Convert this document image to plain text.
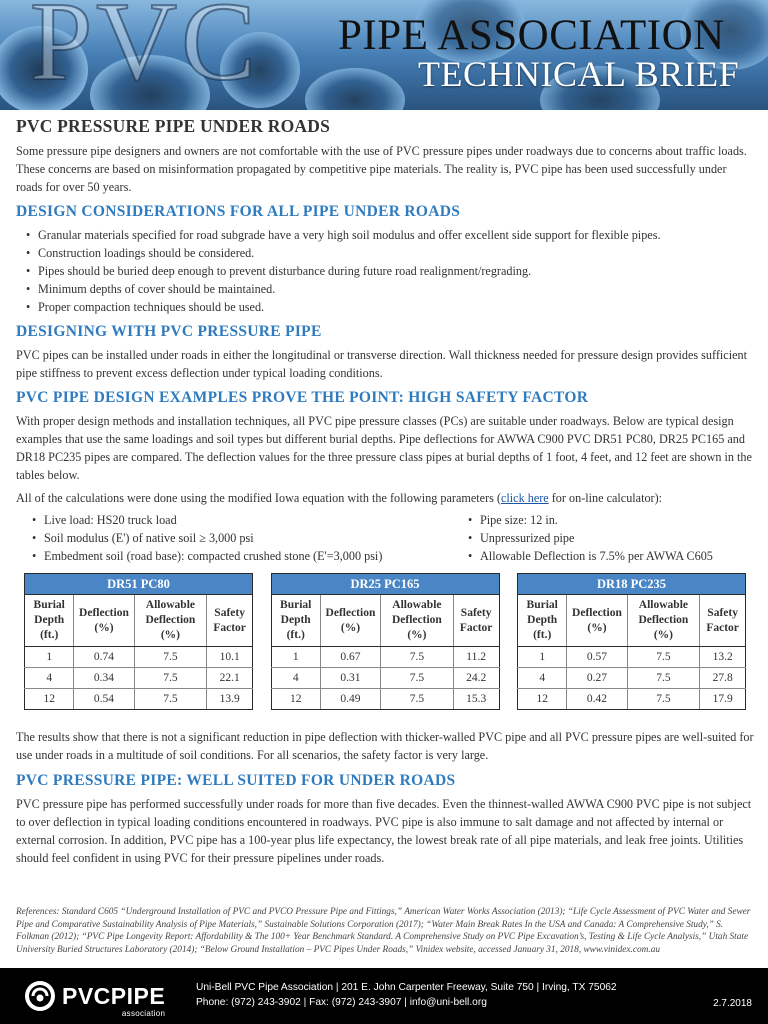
PVC PIPE ASSOCIATION
TECHNICAL BRIEF
PVC PRESSURE PIPE UNDER ROADS

Some pressure pipe designers and owners are not comfortable with the use of PVC pressure pipes under roadways due to concerns about traffic loads. These concerns are based on misinformation propagated by competitive pipe materials. The reality is, PVC pipe has been used successfully under roads for over 50 years.

DESIGN CONSIDERATIONS FOR ALL PIPE UNDER ROADS
• Granular materials specified for road subgrade have a very high soil modulus and offer excellent side support for flexible pipes.
• Construction loadings should be considered.
• Pipes should be buried deep enough to prevent disturbance during future road realignment/regrading.
• Minimum depths of cover should be maintained.
• Proper compaction techniques should be used.
DESIGNING WITH PVC PRESSURE PIPE

PVC pipes can be installed under roads in either the longitudinal or transverse direction. Wall thickness needed for pressure design provides sufficient pipe stiffness to prevent excess deflection under typical loading conditions.

PVC PIPE DESIGN EXAMPLES PROVE THE POINT: HIGH SAFETY FACTOR

With proper design methods and installation techniques, all PVC pipe pressure classes (PCs) are suitable under roadways. Below are typical design examples that use the same loadings and soil types but different burial depths. Pipe deflections for AWWA C900 PVC DR51 PC80, DR25 PC165 and DR18 PC235 pipes are compared. The deflection values for the three pressure class pipes at burial depths of 1 foot, 4 feet, and 12 feet are shown in the tables below.

All of the calculations were done using the modified Iowa equation with the following parameters (click here for on-line calculator):

• Live load: HS20 truck load
• Soil modulus (E') of native soil ≥ 3,000 psi
• Embedment soil (road base): compacted crushed stone (E'=3,000 psi)
• Pipe size: 12 in.
• Unpressurized pipe
• Allowable Deflection is 7.5% per AWWA C605
DR51 PC80			
Burial Depth (ft.)	Deflection (%)	Allowable Deflection (%)	Safety Factor
1	0.74	7.5	10.1
4	0.34	7.5	22.1
12	0.54	7.5	13.9
DR25 PC165			
Burial Depth (ft.)	Deflection (%)	Allowable Deflection (%)	Safety Factor
1	0.67	7.5	11.2
4	0.31	7.5	24.2
12	0.49	7.5	15.3
DR18 PC235			
Burial Depth (ft.)	Deflection (%)	Allowable Deflection (%)	Safety Factor
1	0.57	7.5	13.2
4	0.27	7.5	27.8
12	0.42	7.5	17.9

The results show that there is not a significant reduction in pipe deflection with thicker-walled PVC pipe and all PVC pressure pipes are well-suited for use under roads in a multitude of soil conditions. For all scenarios, the safety factor is very large.

PVC PRESSURE PIPE: WELL SUITED FOR UNDER ROADS

PVC pressure pipe has performed successfully under roads for more than five decades. Even the thinnest-walled AWWA C900 PVC pipe is not subject to over deflection in typical loading conditions encountered in roadways. PVC pipe is also immune to salt damage and not affected by internal or external corrosion. In addition, PVC pipe has a 100-year plus life expectancy, the lowest break rate of all pipe materials, and leak free joints. Utilities should feel confident in using PVC for their pressure pipelines under roads.

References: Standard C605 “Underground Installation of PVC and PVCO Pressure Pipe and Fittings,” American Water Works Association (2013); “Life Cycle Assessment of PVC Water and Sewer Pipe and Comparative Sustainability Analysis of Pipe Materials,” Sustainable Solutions Corporation (2017); “Water Main Break Rates In the USA and Canada: A Comprehensive Study,” S. Folkman (2012); “PVC Pipe Longevity Report: Affordability & The 100+ Year Benchmark Standard. A Comprehensive Study on PVC Pipe Excavation’s, Testing & Life Cycle Analysis,” Utah State University Buried Structures Laboratory (2014); “Below Ground Installation – PVC Pipes Under Roads,” Vinidex website, accessed January 31, 2018, www.vinidex.com.au
PVCPIPE
association
Uni-Bell PVC Pipe Association | 201 E. John Carpenter Freeway, Suite 750 | Irving, TX 75062
Phone: (972) 243-3902 | Fax: (972) 243-3907 | info@uni-bell.org	2.7.2018
